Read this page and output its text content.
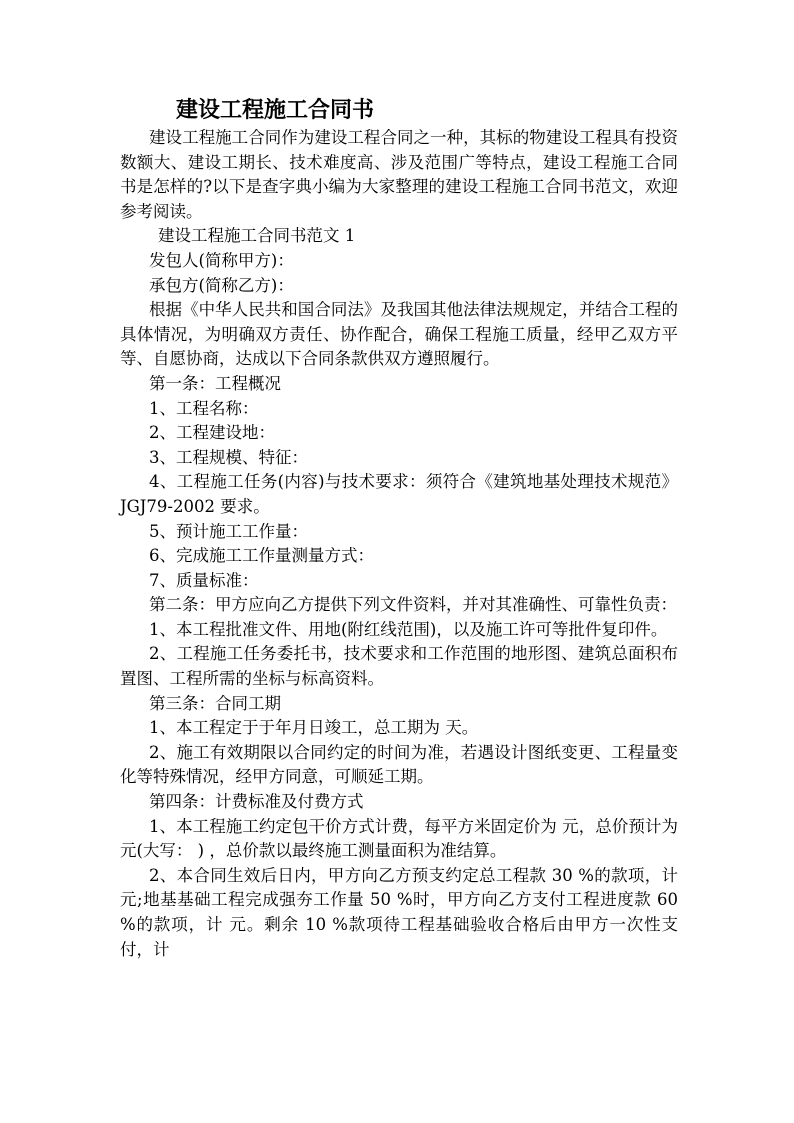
建设工程施工合同书

建设工程施工合同作为建设工程合同之一种，其标的物建设工程具有投资数额大、建设工期长、技术难度高、涉及范围广等特点，建设工程施工合同书是怎样的?以下是查字典小编为大家整理的建设工程施工合同书范文，欢迎参考阅读。

建设工程施工合同书范文 1

发包人(简称甲方)：

承包方(简称乙方)：

根据《中华人民共和国合同法》及我国其他法律法规规定，并结合工程的具体情况，为明确双方责任、协作配合，确保工程施工质量，经甲乙双方平等、自愿协商，达成以下合同条款供双方遵照履行。

第一条：工程概况

1、工程名称：

2、工程建设地：

3、工程规模、特征：

4、工程施工任务(内容)与技术要求：须符合《建筑地基处理技术规范》JGJ79-2002 要求。

5、预计施工工作量：

6、完成施工工作量测量方式：

7、质量标准：

第二条：甲方应向乙方提供下列文件资料，并对其准确性、可靠性负责：

1、本工程批准文件、用地(附红线范围)，以及施工许可等批件复印件。

2、工程施工任务委托书，技术要求和工作范围的地形图、建筑总面积布置图、工程所需的坐标与标高资料。

第三条：合同工期

1、本工程定于于年月日竣工，总工期为 天。

2、施工有效期限以合同约定的时间为准，若遇设计图纸变更、工程量变化等特殊情况，经甲方同意，可顺延工期。

第四条：计费标准及付费方式

1、本工程施工约定包干价方式计费，每平方米固定价为 元，总价预计为元(大写： ) ，总价款以最终施工测量面积为准结算。

2、本合同生效后日内，甲方向乙方预支约定总工程款 30 %的款项，计 元;地基基础工程完成强夯工作量 50 %时，甲方向乙方支付工程进度款 60 %的款项，计 元。剩余 10 %款项待工程基础验收合格后由甲方一次性支付，计
